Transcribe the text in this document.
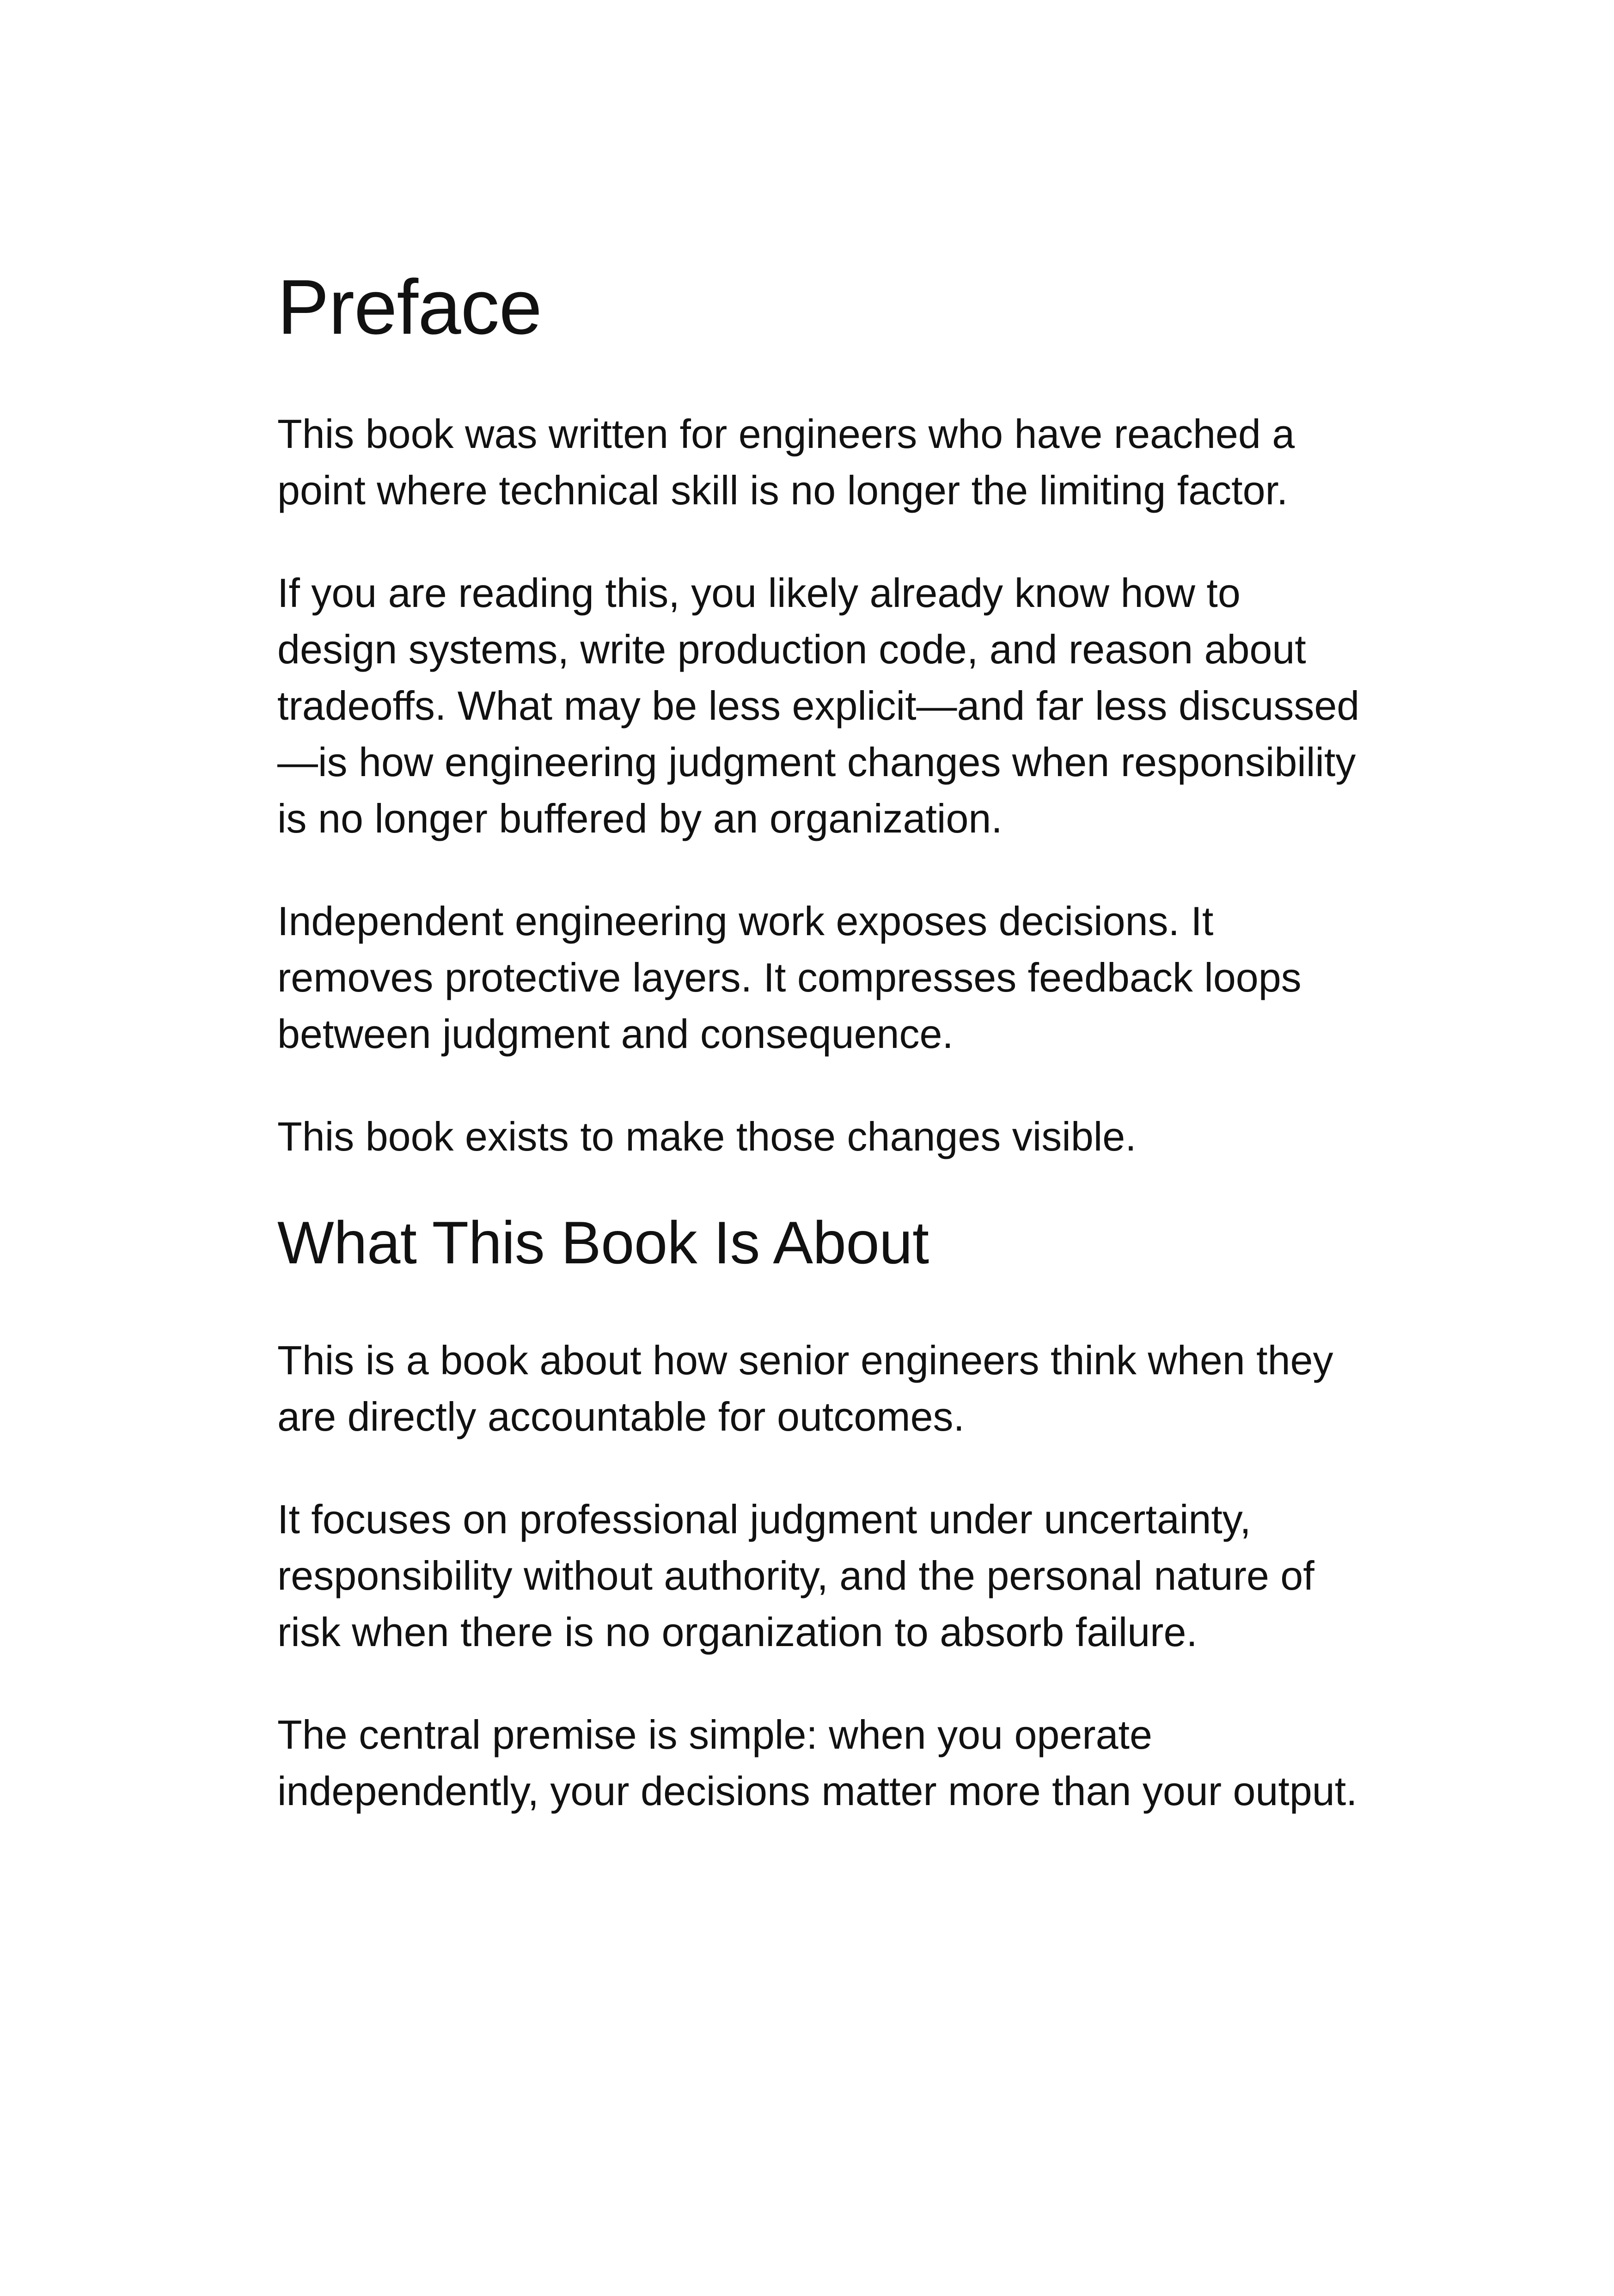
Preface

This book was written for engineers who have reached a point where technical skill is no longer the limiting factor.

If you are reading this, you likely already know how to design systems, write production code, and reason about tradeoffs. What may be less explicit—and far less discussed—is how engineering judgment changes when responsibility is no longer buffered by an organization.

Independent engineering work exposes decisions. It removes protective layers. It compresses feedback loops between judgment and consequence.

This book exists to make those changes visible.

What This Book Is About

This is a book about how senior engineers think when they are directly accountable for outcomes.

It focuses on professional judgment under uncertainty, responsibility without authority, and the personal nature of risk when there is no organization to absorb failure.

The central premise is simple: when you operate independently, your decisions matter more than your output.
